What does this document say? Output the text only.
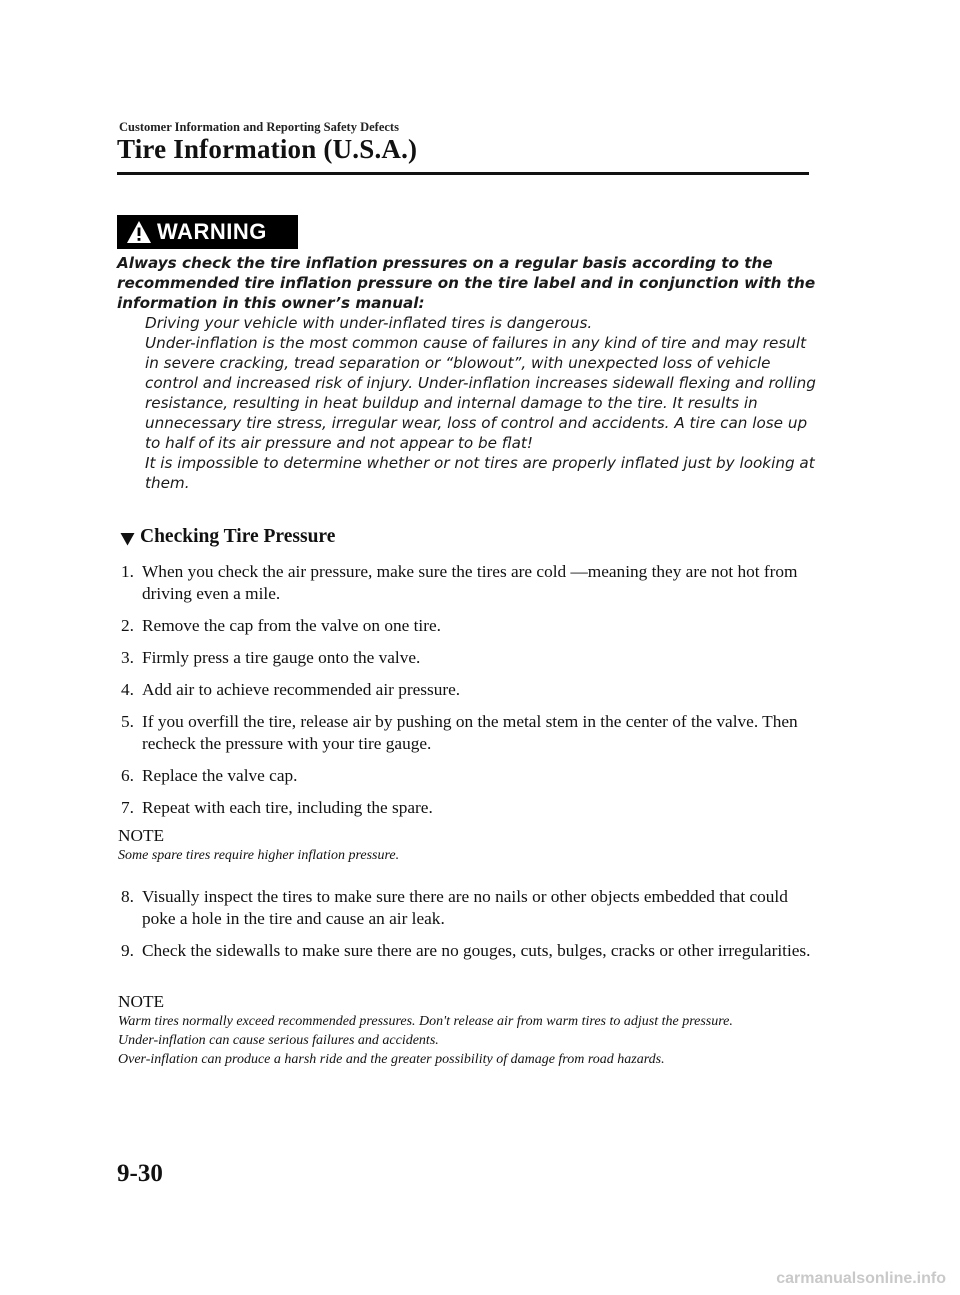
Customer Information and Reporting Safety Defects
Tire Information (U.S.A.)
WARNING

Always check the tire inflation pressures on a regular basis according to the recommended tire inflation pressure on the tire label and in conjunction with the information in this owner’s manual:

Driving your vehicle with under-inflated tires is dangerous.

Under-inflation is the most common cause of failures in any kind of tire and may result in severe cracking, tread separation or “blowout”, with unexpected loss of vehicle control and increased risk of injury. Under-inflation increases sidewall flexing and rolling resistance, resulting in heat buildup and internal damage to the tire. It results in unnecessary tire stress, irregular wear, loss of control and accidents. A tire can lose up to half of its air pressure and not appear to be flat!

It is impossible to determine whether or not tires are properly inflated just by looking at them.

Checking Tire Pressure
1. When you check the air pressure, make sure the tires are cold —meaning they are not hot from driving even a mile.
2. Remove the cap from the valve on one tire.
3. Firmly press a tire gauge onto the valve.
4. Add air to achieve recommended air pressure.
5. If you overfill the tire, release air by pushing on the metal stem in the center of the valve. Then recheck the pressure with your tire gauge.
6. Replace the valve cap.
7. Repeat with each tire, including the spare.

NOTE

Some spare tires require higher inflation pressure.

8. Visually inspect the tires to make sure there are no nails or other objects embedded that could poke a hole in the tire and cause an air leak.
9. Check the sidewalls to make sure there are no gouges, cuts, bulges, cracks or other irregularities.

NOTE

Warm tires normally exceed recommended pressures. Don't release air from warm tires to adjust the pressure.

Under-inflation can cause serious failures and accidents.

Over-inflation can produce a harsh ride and the greater possibility of damage from road hazards.

9-30
carmanualsonline.info
